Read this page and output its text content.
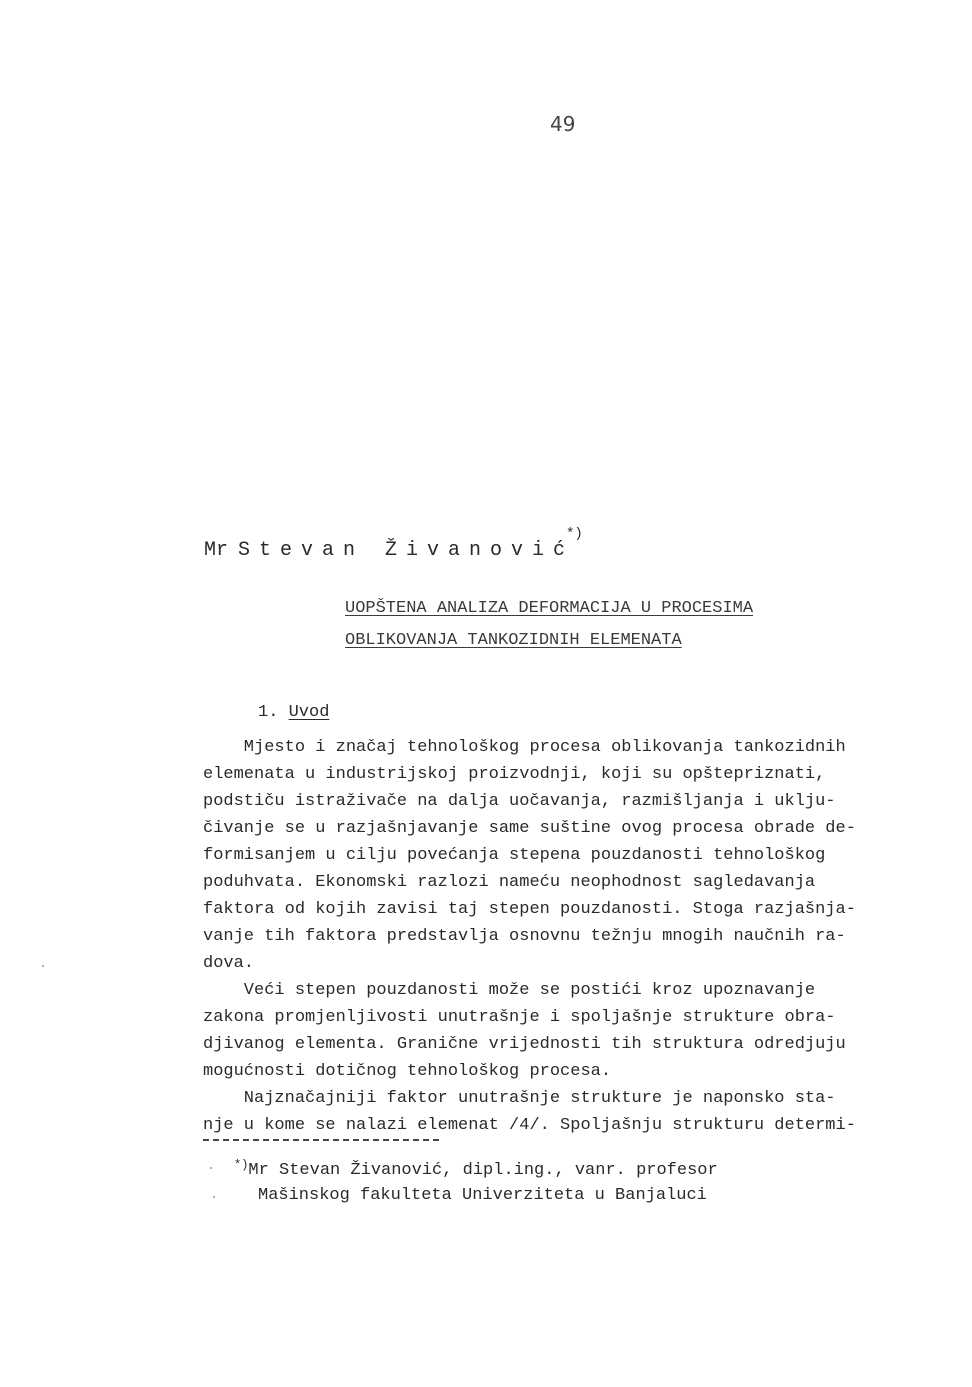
49
Mr Stevan Živanović
*)
UOPŠTENA ANALIZA DEFORMACIJA U PROCESIMA
OBLIKOVANJA TANKOZIDNIH ELEMENATA
1. Uvod
Mjesto i značaj tehnološkog procesa oblikovanja tankozidnih
elemenata u industrijskoj proizvodnji, koji su opštepriznati,
podstiču istraživače na dalja uočavanja, razmišljanja i uklju-
čivanje se u razjašnjavanje same suštine ovog procesa obrade de-
formisanjem u cilju povećanja stepena pouzdanosti tehnološkog
poduhvata. Ekonomski razlozi nameću neophodnost sagledavanja
faktora od kojih zavisi taj stepen pouzdanosti. Stoga razjašnja-
vanje tih faktora predstavlja osnovnu težnju mnogih naučnih ra-
dova.
Veći stepen pouzdanosti može se postići kroz upoznavanje
zakona promjenljivosti unutrašnje i spoljašnje strukture obra-
djivanog elementa. Granične vrijednosti tih struktura odredjuju
mogućnosti dotičnog tehnološkog procesa.
Najznačajniji faktor unutrašnje strukture je naponsko sta-
nje u kome se nalazi elemenat /4/. Spoljašnju strukturu determi-
*)Mr Stevan Živanović, dipl.ing., vanr. profesor
Mašinskog fakulteta Univerziteta u Banjaluci
